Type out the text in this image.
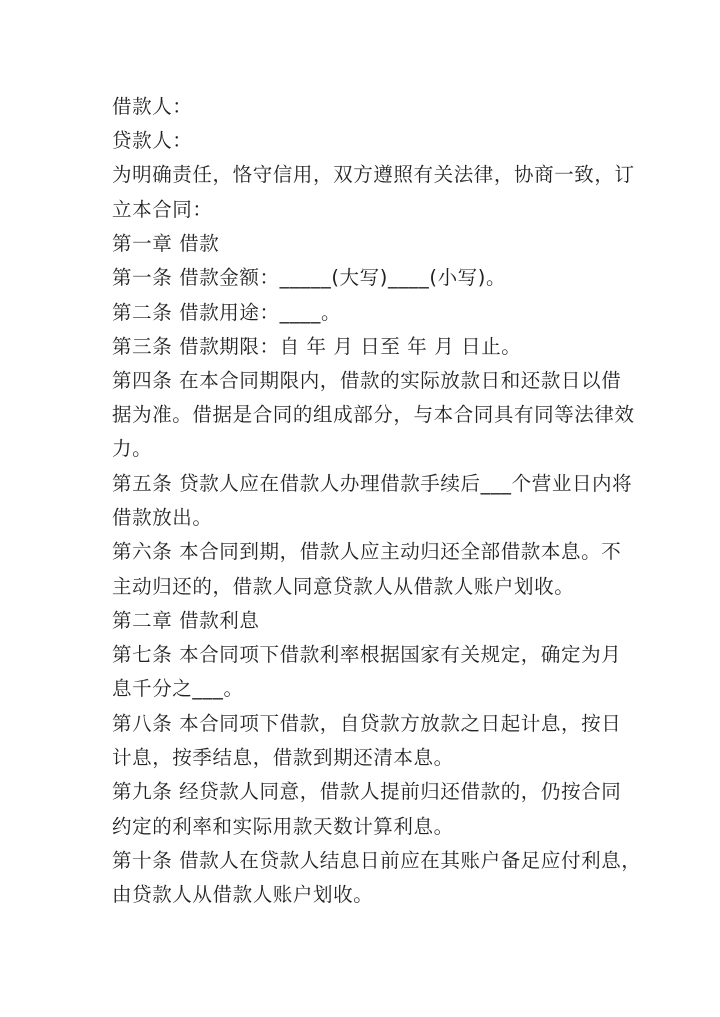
借款人：
贷款人：
为明确责任，恪守信用，双方遵照有关法律，协商一致，订
立本合同：
第一章 借款
第一条 借款金额：_____(大写)____(小写)。
第二条 借款用途：____。
第三条 借款期限：自 年 月 日至 年 月 日止。
第四条 在本合同期限内，借款的实际放款日和还款日以借
据为准。借据是合同的组成部分，与本合同具有同等法律效
力。
第五条 贷款人应在借款人办理借款手续后___个营业日内将
借款放出。
第六条 本合同到期，借款人应主动归还全部借款本息。不
主动归还的，借款人同意贷款人从借款人账户划收。
第二章 借款利息
第七条 本合同项下借款利率根据国家有关规定，确定为月
息千分之___。
第八条 本合同项下借款，自贷款方放款之日起计息，按日
计息，按季结息，借款到期还清本息。
第九条 经贷款人同意，借款人提前归还借款的，仍按合同
约定的利率和实际用款天数计算利息。
第十条 借款人在贷款人结息日前应在其账户备足应付利息，
由贷款人从借款人账户划收。
